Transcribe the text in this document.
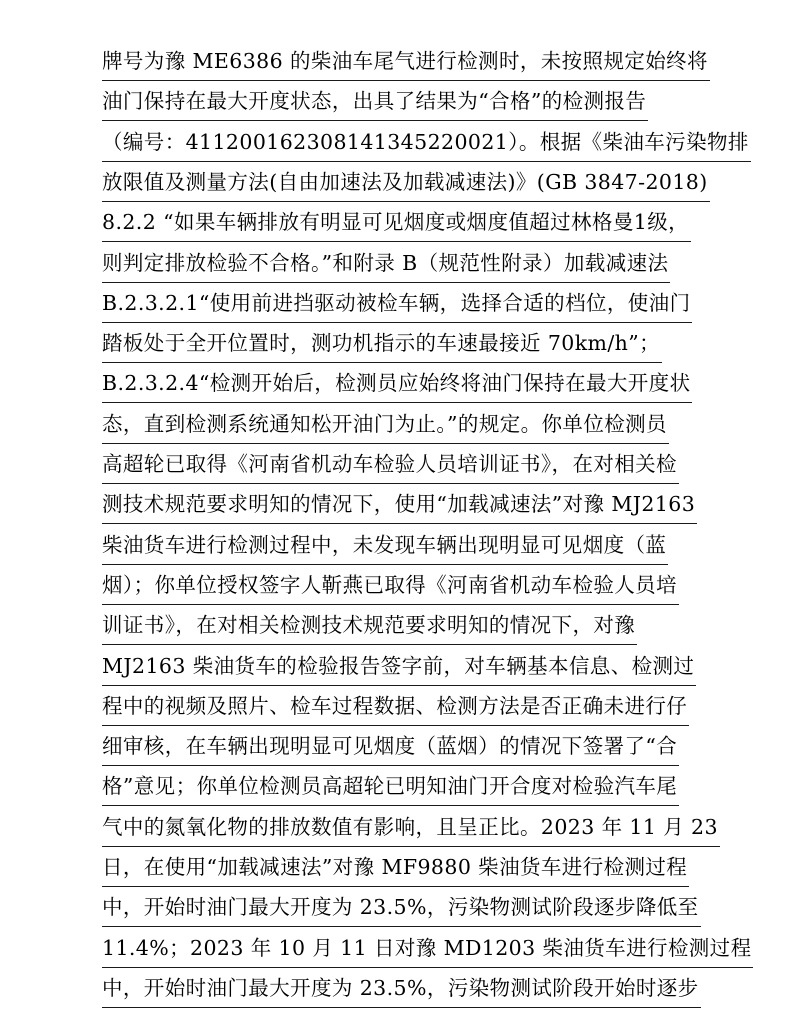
牌号为豫 ME6386 的柴油车尾气进行检测时，未按照规定始终将
油门保持在最大开度状态，出具了结果为“合格”的检测报告
（编号：411200162308141345220021）。根据《柴油车污染物排
放限值及测量方法(自由加速法及加载减速法)》(GB 3847-2018)
8.2.2 “如果车辆排放有明显可见烟度或烟度值超过林格曼1级，
则判定排放检验不合格。”和附录 B（规范性附录）加载减速法
B.2.3.2.1“使用前进挡驱动被检车辆，选择合适的档位，使油门
踏板处于全开位置时，测功机指示的车速最接近 70km/h”；
B.2.3.2.4“检测开始后，检测员应始终将油门保持在最大开度状
态，直到检测系统通知松开油门为止。”的规定。你单位检测员
高超轮已取得《河南省机动车检验人员培训证书》，在对相关检
测技术规范要求明知的情况下，使用“加载减速法”对豫 MJ2163
柴油货车进行检测过程中，未发现车辆出现明显可见烟度（蓝
烟）；你单位授权签字人靳燕已取得《河南省机动车检验人员培
训证书》，在对相关检测技术规范要求明知的情况下，对豫
MJ2163 柴油货车的检验报告签字前，对车辆基本信息、检测过
程中的视频及照片、检车过程数据、检测方法是否正确未进行仔
细审核，在车辆出现明显可见烟度（蓝烟）的情况下签署了“合
格”意见；你单位检测员高超轮已明知油门开合度对检验汽车尾
气中的氮氧化物的排放数值有影响，且呈正比。2023 年 11 月 23
日，在使用“加载减速法”对豫 MF9880 柴油货车进行检测过程
中，开始时油门最大开度为 23.5%，污染物测试阶段逐步降低至
11.4%；2023 年 10 月 11 日对豫 MD1203 柴油货车进行检测过程
中，开始时油门最大开度为 23.5%，污染物测试阶段开始时逐步
